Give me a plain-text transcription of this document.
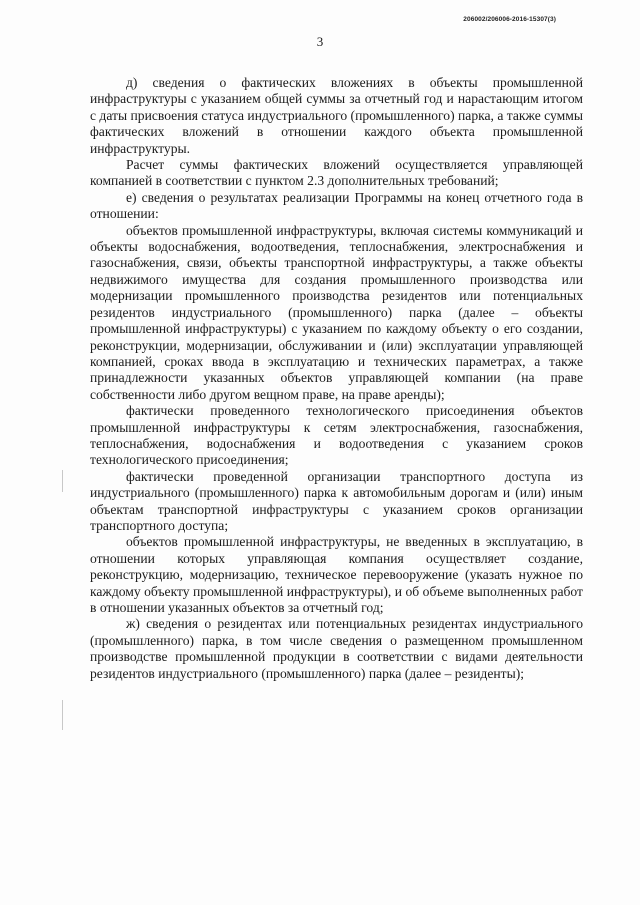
206002/206006-2016-15307(3)
3

д) сведения о фактических вложениях в объекты промышленной инфраструктуры с указанием общей суммы за отчетный год и нарастающим итогом с даты присвоения статуса индустриального (промышленного) парка, а также суммы фактических вложений в отношении каждого объекта промышленной инфраструктуры.

Расчет суммы фактических вложений осуществляется управляющей компанией в соответствии с пунктом 2.3 дополнительных требований;

е) сведения о результатах реализации Программы на конец отчетного года в отношении:

объектов промышленной инфраструктуры, включая системы коммуникаций и объекты водоснабжения, водоотведения, теплоснабжения, электроснабжения и газоснабжения, связи, объекты транспортной инфраструктуры, а также объекты недвижимого имущества для создания промышленного производства или модернизации промышленного производства резидентов или потенциальных резидентов индустриального (промышленного) парка (далее – объекты промышленной инфраструктуры) с указанием по каждому объекту о его создании, реконструкции, модернизации, обслуживании и (или) эксплуатации управляющей компанией, сроках ввода в эксплуатацию и технических параметрах, а также принадлежности указанных объектов управляющей компании (на праве собственности либо другом вещном праве, на праве аренды);

фактически проведенного технологического присоединения объектов промышленной инфраструктуры к сетям электроснабжения, газоснабжения, теплоснабжения, водоснабжения и водоотведения с указанием сроков технологического присоединения;

фактически проведенной организации транспортного доступа из индустриального (промышленного) парка к автомобильным дорогам и (или) иным объектам транспортной инфраструктуры с указанием сроков организации транспортного доступа;

объектов промышленной инфраструктуры, не введенных в эксплуатацию, в отношении которых управляющая компания осуществляет создание, реконструкцию, модернизацию, техническое перевооружение (указать нужное по каждому объекту промышленной инфраструктуры), и об объеме выполненных работ в отношении указанных объектов за отчетный год;

ж) сведения о резидентах или потенциальных резидентах индустриального (промышленного) парка, в том числе сведения о размещенном промышленном производстве промышленной продукции в соответствии с видами деятельности резидентов индустриального (промышленного) парка (далее – резиденты);
